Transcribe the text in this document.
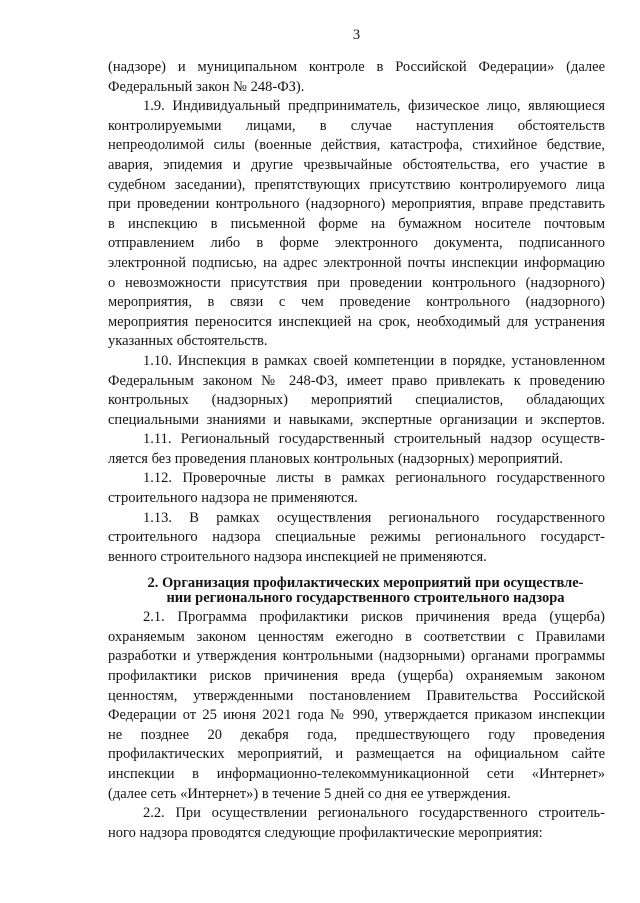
3
(надзоре) и муниципальном контроле в Российской Федерации» (далее
Федеральный закон № 248-ФЗ).
1.9. Индивидуальный предприниматель, физическое лицо, являющиеся
контролируемыми лицами, в случае наступления обстоятельств
непреодолимой силы (военные действия, катастрофа, стихийное бедствие,
авария, эпидемия и другие чрезвычайные обстоятельства, его участие в
судебном заседании), препятствующих присутствию контролируемого лица
при проведении контрольного (надзорного) мероприятия, вправе представить
в инспекцию в письменной форме на бумажном носителе почтовым
отправлением либо в форме электронного документа, подписанного
электронной подписью, на адрес электронной почты инспекции информацию
о невозможности присутствия при проведении контрольного (надзорного)
мероприятия, в связи с чем проведение контрольного (надзорного)
мероприятия переносится инспекцией на срок, необходимый для устранения
указанных обстоятельств.
1.10. Инспекция в рамках своей компетенции в порядке, установленном
Федеральным законом № 248-ФЗ, имеет право привлекать к проведению
контрольных (надзорных) мероприятий специалистов, обладающих
специальными знаниями и навыками, экспертные организации и экспертов.
1.11. Региональный государственный строительный надзор осуществ-
ляется без проведения плановых контрольных (надзорных) мероприятий.
1.12. Проверочные листы в рамках регионального государственного
строительного надзора не применяются.
1.13. В рамках осуществления регионального государственного
строительного надзора специальные режимы регионального государст-
венного строительного надзора инспекцией не применяются.
2. Организация профилактических мероприятий при осуществле-
нии регионального государственного строительного надзора
2.1. Программа профилактики рисков причинения вреда (ущерба)
охраняемым законом ценностям ежегодно в соответствии с Правилами
разработки и утверждения контрольными (надзорными) органами программы
профилактики рисков причинения вреда (ущерба) охраняемым законом
ценностям, утвержденными постановлением Правительства Российской
Федерации от 25 июня 2021 года № 990, утверждается приказом инспекции
не позднее 20 декабря года, предшествующего году проведения
профилактических мероприятий, и размещается на официальном сайте
инспекции в информационно-телекоммуникационной сети «Интернет»
(далее сеть «Интернет») в течение 5 дней со дня ее утверждения.
2.2. При осуществлении регионального государственного строитель-
ного надзора проводятся следующие профилактические мероприятия:
